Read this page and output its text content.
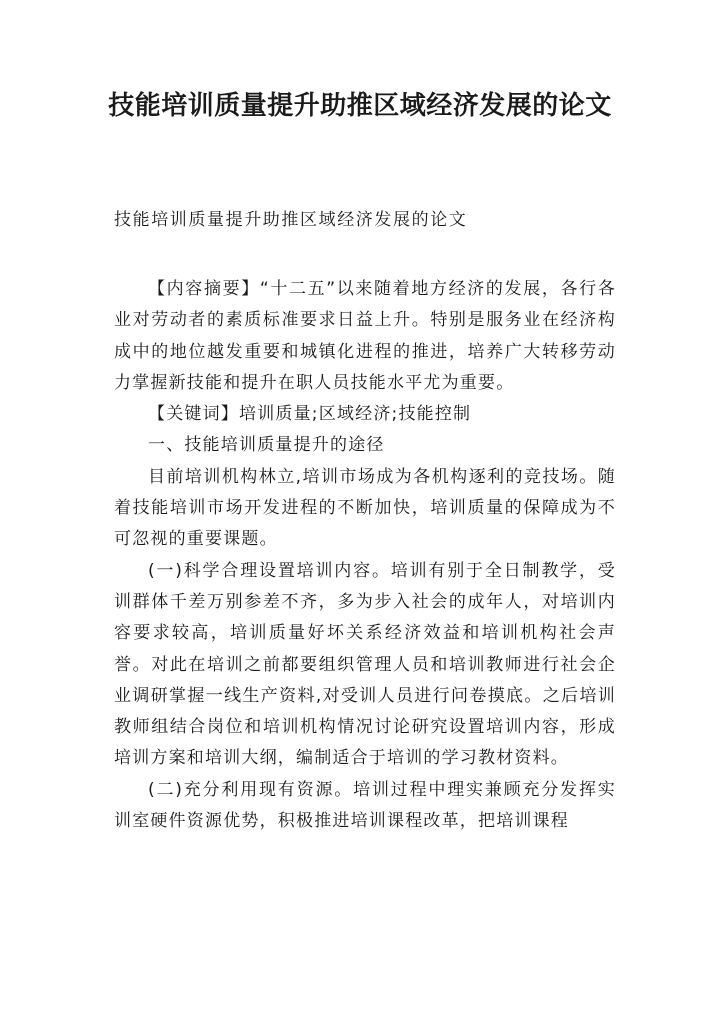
技能培训质量提升助推区域经济发展的论文

技能培训质量提升助推区域经济发展的论文

【内容摘要】“十二五”以来随着地方经济的发展，各行各业对劳动者的素质标准要求日益上升。特别是服务业在经济构成中的地位越发重要和城镇化进程的推进，培养广大转移劳动力掌握新技能和提升在职人员技能水平尤为重要。

【关键词】培训质量;区域经济;技能控制

一、技能培训质量提升的途径

目前培训机构林立,培训市场成为各机构逐利的竞技场。随着技能培训市场开发进程的不断加快，培训质量的保障成为不可忽视的重要课题。

(一)科学合理设置培训内容。培训有别于全日制教学，受训群体千差万别参差不齐，多为步入社会的成年人，对培训内容要求较高，培训质量好坏关系经济效益和培训机构社会声誉。对此在培训之前都要组织管理人员和培训教师进行社会企业调研掌握一线生产资料,对受训人员进行问卷摸底。之后培训教师组结合岗位和培训机构情况讨论研究设置培训内容，形成培训方案和培训大纲，编制适合于培训的学习教材资料。

(二)充分利用现有资源。培训过程中理实兼顾充分发挥实训室硬件资源优势，积极推进培训课程改革，把培训课程
